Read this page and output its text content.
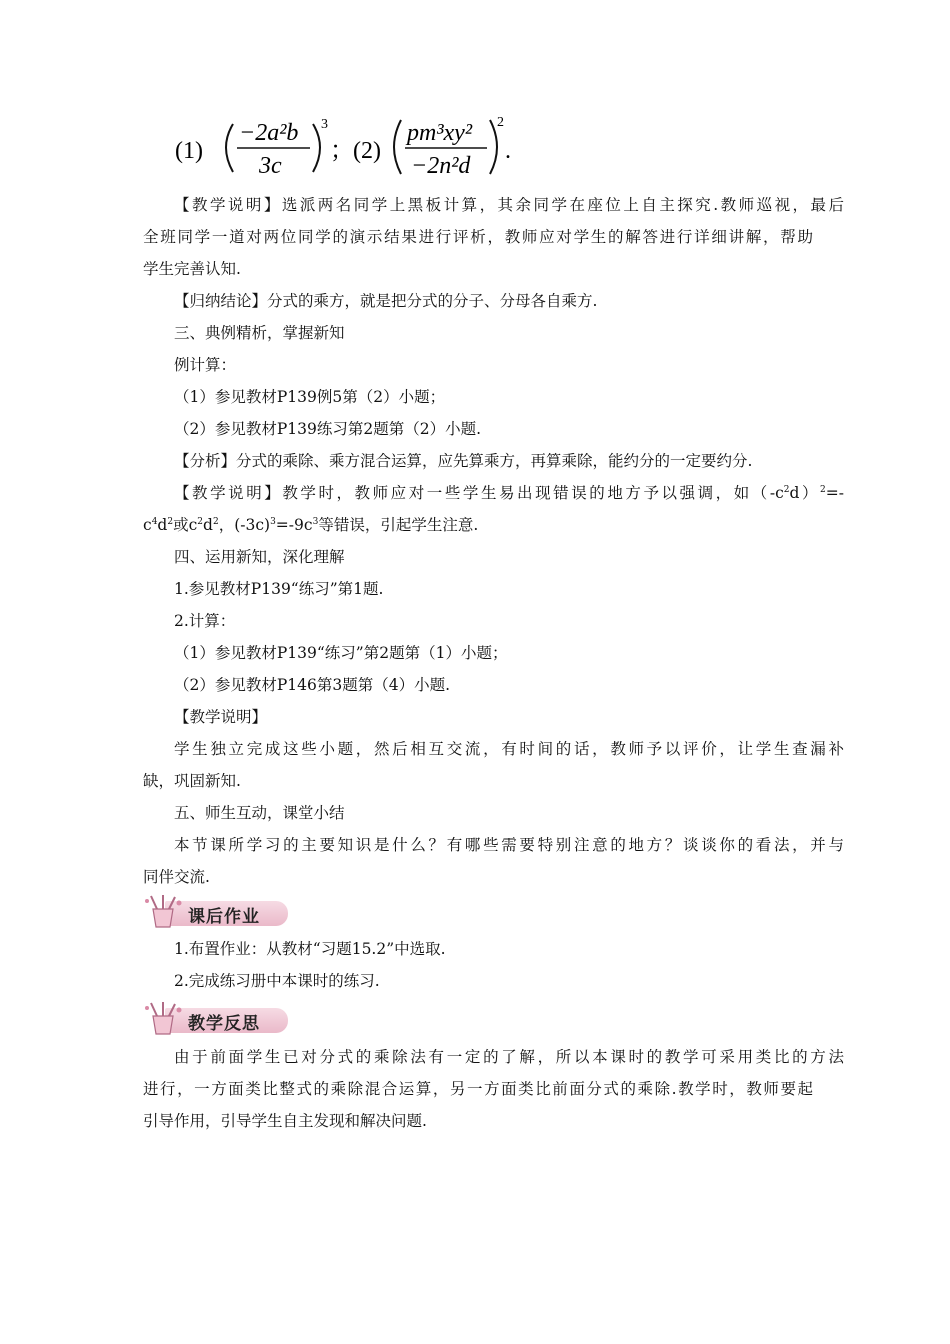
(1)
−2a²b
3c
3
； (2)
pm³xy²
−2n²d
2
.
【教学说明】选派两名同学上黑板计算，其余同学在座位上自主探究.教师巡视，最后
全班同学一道对两位同学的演示结果进行评析，教师应对学生的解答进行详细讲解，帮助
学生完善认知.
【归纳结论】分式的乘方，就是把分式的分子、分母各自乘方.
三、典例精析，掌握新知
例计算：
（1）参见教材P139例5第（2）小题；
（2）参见教材P139练习第2题第（2）小题.
【分析】分式的乘除、乘方混合运算，应先算乘方，再算乘除，能约分的一定要约分.
【教学说明】教学时，教师应对一些学生易出现错误的地方予以强调，如$(-c^2d)^2=-$
$c^4d^2$或$c^2d^2$，$(-3c)^3=-9c^3$等错误，引起学生注意.
四、运用新知，深化理解
1.参见教材P139“练习”第1题.
2.计算：
（1）参见教材P139“练习”第2题第（1）小题；
（2）参见教材P146第3题第（4）小题.
【教学说明】
学生独立完成这些小题，然后相互交流，有时间的话，教师予以评价，让学生查漏补
缺，巩固新知.
五、师生互动，课堂小结
本节课所学习的主要知识是什么？有哪些需要特别注意的地方？谈谈你的看法，并与
同伴交流.
课后作业
1.布置作业：从教材“习题15.2”中选取.
2.完成练习册中本课时的练习.
教学反思
由于前面学生已对分式的乘除法有一定的了解，所以本课时的教学可采用类比的方法
进行，一方面类比整式的乘除混合运算，另一方面类比前面分式的乘除.教学时，教师要起
引导作用，引导学生自主发现和解决问题.
